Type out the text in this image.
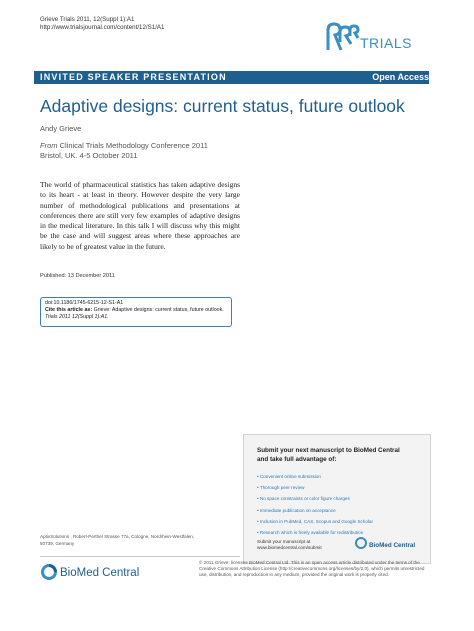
Grieve Trials 2011, 12(Suppl 1):A1
http://www.trialsjournal.com/content/12/S1/A1
TRIALS
INVITED SPEAKER PRESENTATION	Open Access
Adaptive designs: current status, future outlook
Andy Grieve
From Clinical Trials Methodology Conference 2011
Bristol, UK. 4-5 October 2011
The world of pharmaceutical statistics has taken adaptive designs to its heart - at least in theory. However despite the very large number of methodological publications and presentations at conferences there are still very few examples of adaptive designs in the medical literature. In this talk I will discuss why this might be the case and will suggest areas where these approaches are likely to be of greatest value in the future.
Published: 13 December 2011
doi:10.1186/1745-6215-12-S1-A1
Cite this article as: Grieve: Adaptive designs: current status, future outlook. Trials 2011 12(Suppl 1):A1.
Submit your next manuscript to BioMed Central
and take full advantage of:
• Convenient online submission
• Thorough peer review
• No space constraints or color figure charges
• Immediate publication on acceptance
• Inclusion in PubMed, CAS, Scopus and Google Scholar
• Research which is freely available for redistribution
Submit your manuscript at
www.biomedcentral.com/submit	BioMed Central
AptivSolutions , Robert-Perthel Strasse 77a, Cologne, Nordrhein-Westfalen,
50739, Germany
BioMed Central
© 2011 Grieve; licensee BioMed Central Ltd. This is an open access article distributed under the terms of the Creative Commons Attribution License (http://creativecommons.org/licenses/by/2.0), which permits unrestricted use, distribution, and reproduction in any medium, provided the original work is properly cited.
